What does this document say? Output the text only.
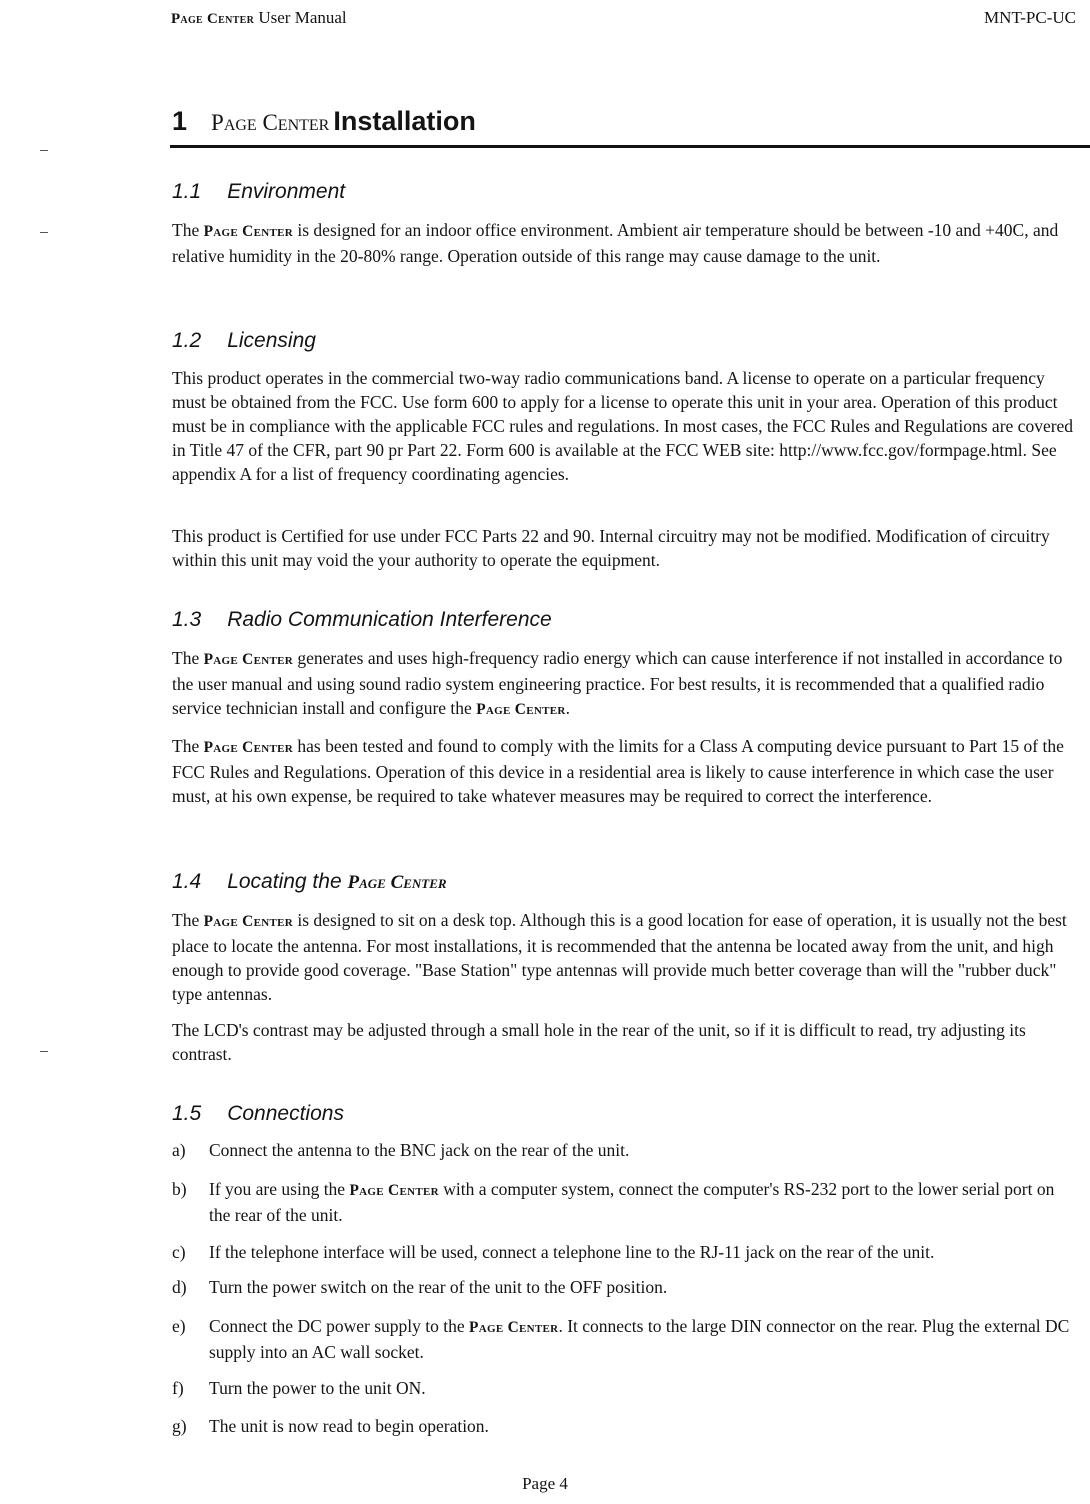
Page Center User Manual	MNT-PC-UC
1 Page Center Installation
1.1 Environment
The Page Center is designed for an indoor office environment. Ambient air temperature should be between -10 and +40C, and relative humidity in the 20-80% range. Operation outside of this range may cause damage to the unit.
1.2 Licensing
This product operates in the commercial two-way radio communications band. A license to operate on a particular frequency must be obtained from the FCC. Use form 600 to apply for a license to operate this unit in your area. Operation of this product must be in compliance with the applicable FCC rules and regulations. In most cases, the FCC Rules and Regulations are covered in Title 47 of the CFR, part 90 pr Part 22. Form 600 is available at the FCC WEB site: http://www.fcc.gov/formpage.html. See appendix A for a list of frequency coordinating agencies.
This product is Certified for use under FCC Parts 22 and 90. Internal circuitry may not be modified. Modification of circuitry within this unit may void the your authority to operate the equipment.
1.3 Radio Communication Interference
The Page Center generates and uses high-frequency radio energy which can cause interference if not installed in accordance to the user manual and using sound radio system engineering practice. For best results, it is recommended that a qualified radio service technician install and configure the Page Center.
The Page Center has been tested and found to comply with the limits for a Class A computing device pursuant to Part 15 of the FCC Rules and Regulations. Operation of this device in a residential area is likely to cause interference in which case the user must, at his own expense, be required to take whatever measures may be required to correct the interference.
1.4 Locating the Page Center
The Page Center is designed to sit on a desk top. Although this is a good location for ease of operation, it is usually not the best place to locate the antenna. For most installations, it is recommended that the antenna be located away from the unit, and high enough to provide good coverage. "Base Station" type antennas will provide much better coverage than will the "rubber duck" type antennas.
The LCD's contrast may be adjusted through a small hole in the rear of the unit, so if it is difficult to read, try adjusting its contrast.
1.5 Connections
a) Connect the antenna to the BNC jack on the rear of the unit.
b) If you are using the Page Center with a computer system, connect the computer's RS-232 port to the lower serial port on the rear of the unit.
c) If the telephone interface will be used, connect a telephone line to the RJ-11 jack on the rear of the unit.
d) Turn the power switch on the rear of the unit to the OFF position.
e) Connect the DC power supply to the Page Center. It connects to the large DIN connector on the rear. Plug the external DC supply into an AC wall socket.
f) Turn the power to the unit ON.
g) The unit is now read to begin operation.
Page 4
